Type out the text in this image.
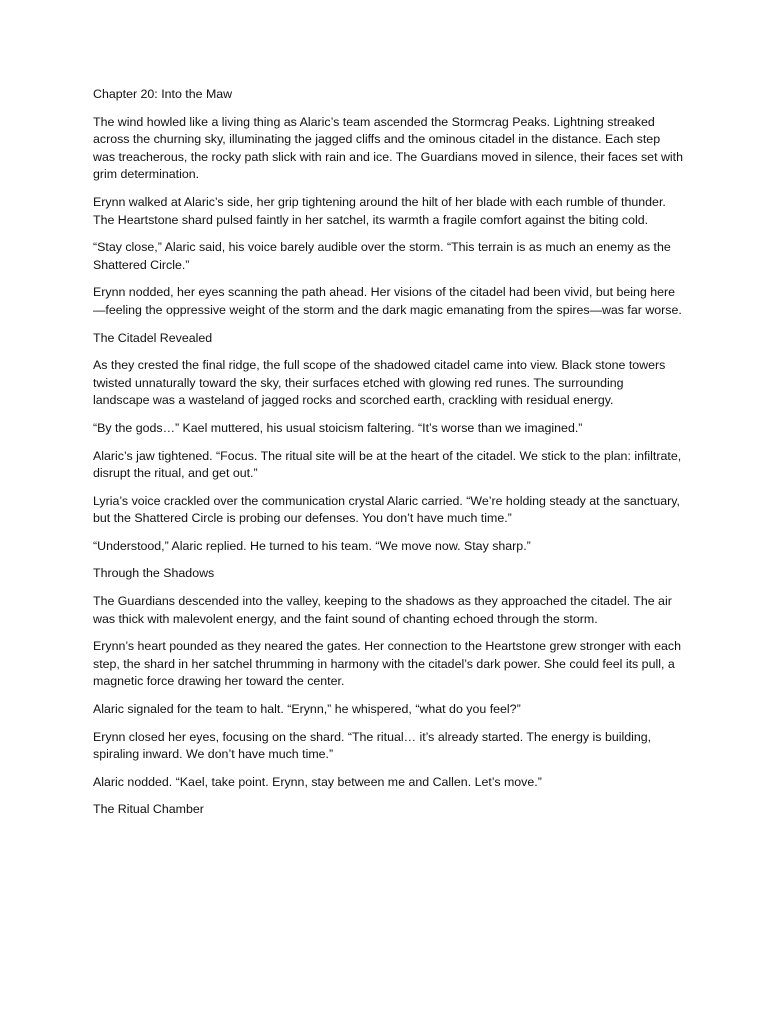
Chapter 20: Into the Maw

The wind howled like a living thing as Alaric’s team ascended the Stormcrag Peaks. Lightning streaked across the churning sky, illuminating the jagged cliffs and the ominous citadel in the distance. Each step was treacherous, the rocky path slick with rain and ice. The Guardians moved in silence, their faces set with grim determination.

Erynn walked at Alaric’s side, her grip tightening around the hilt of her blade with each rumble of thunder. The Heartstone shard pulsed faintly in her satchel, its warmth a fragile comfort against the biting cold.

“Stay close,” Alaric said, his voice barely audible over the storm. “This terrain is as much an enemy as the Shattered Circle.”

Erynn nodded, her eyes scanning the path ahead. Her visions of the citadel had been vivid, but being here—feeling the oppressive weight of the storm and the dark magic emanating from the spires—was far worse.

The Citadel Revealed

As they crested the final ridge, the full scope of the shadowed citadel came into view. Black stone towers twisted unnaturally toward the sky, their surfaces etched with glowing red runes. The surrounding landscape was a wasteland of jagged rocks and scorched earth, crackling with residual energy.

“By the gods…” Kael muttered, his usual stoicism faltering. “It’s worse than we imagined.”

Alaric’s jaw tightened. “Focus. The ritual site will be at the heart of the citadel. We stick to the plan: infiltrate, disrupt the ritual, and get out.”

Lyria’s voice crackled over the communication crystal Alaric carried. “We’re holding steady at the sanctuary, but the Shattered Circle is probing our defenses. You don’t have much time.”

“Understood,” Alaric replied. He turned to his team. “We move now. Stay sharp.”

Through the Shadows

The Guardians descended into the valley, keeping to the shadows as they approached the citadel. The air was thick with malevolent energy, and the faint sound of chanting echoed through the storm.

Erynn’s heart pounded as they neared the gates. Her connection to the Heartstone grew stronger with each step, the shard in her satchel thrumming in harmony with the citadel’s dark power. She could feel its pull, a magnetic force drawing her toward the center.

Alaric signaled for the team to halt. “Erynn,” he whispered, “what do you feel?”

Erynn closed her eyes, focusing on the shard. “The ritual… it’s already started. The energy is building, spiraling inward. We don’t have much time.”

Alaric nodded. “Kael, take point. Erynn, stay between me and Callen. Let’s move.”

The Ritual Chamber
